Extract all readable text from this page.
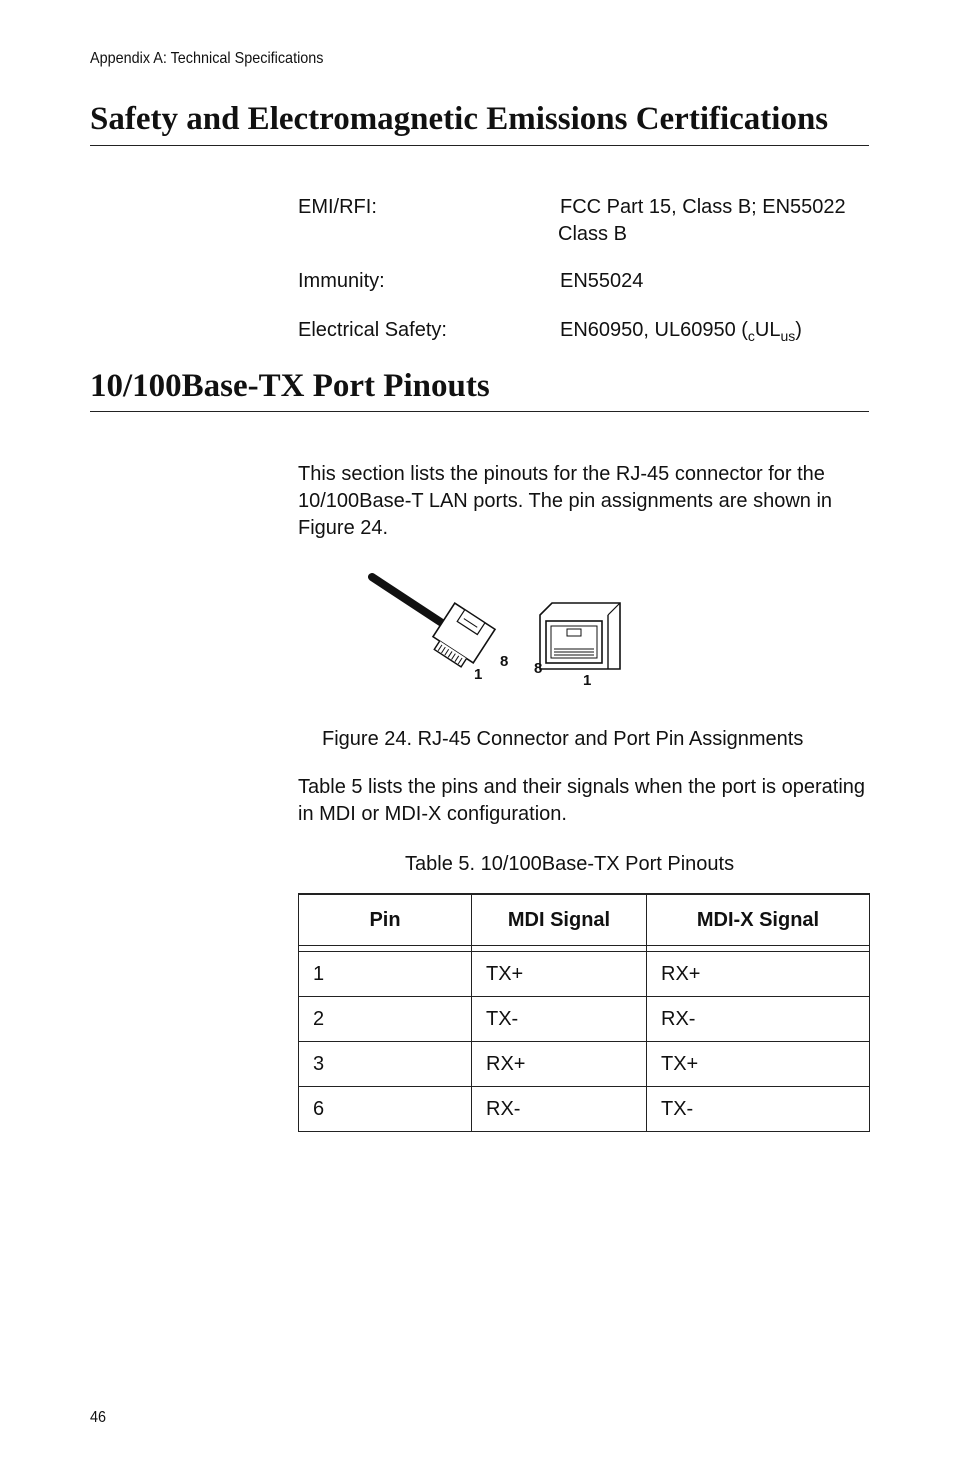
Appendix A: Technical Specifications
Safety and Electromagnetic Emissions Certifications
EMI/RFI:	FCC Part 15, Class B; EN55022
Class B
Immunity:	EN55024
Electrical Safety:	EN60950, UL60950 $(_cUL_{us})$
10/100Base-TX Port Pinouts

This section lists the pinouts for the RJ-45 connector for the 10/100Base-T LAN ports. The pin assignments are shown in Figure 24.

1
8 8
1
Figure 24. RJ-45 Connector and Port Pin Assignments

Table 5 lists the pins and their signals when the port is operating in MDI or MDI-X configuration.

Table 5. 10/100Base-TX Port Pinouts
Pin	MDI Signal	MDI-X Signal

1	TX+	RX+
2	TX-	RX-
3	RX+	TX+
6	RX-	TX-
46
